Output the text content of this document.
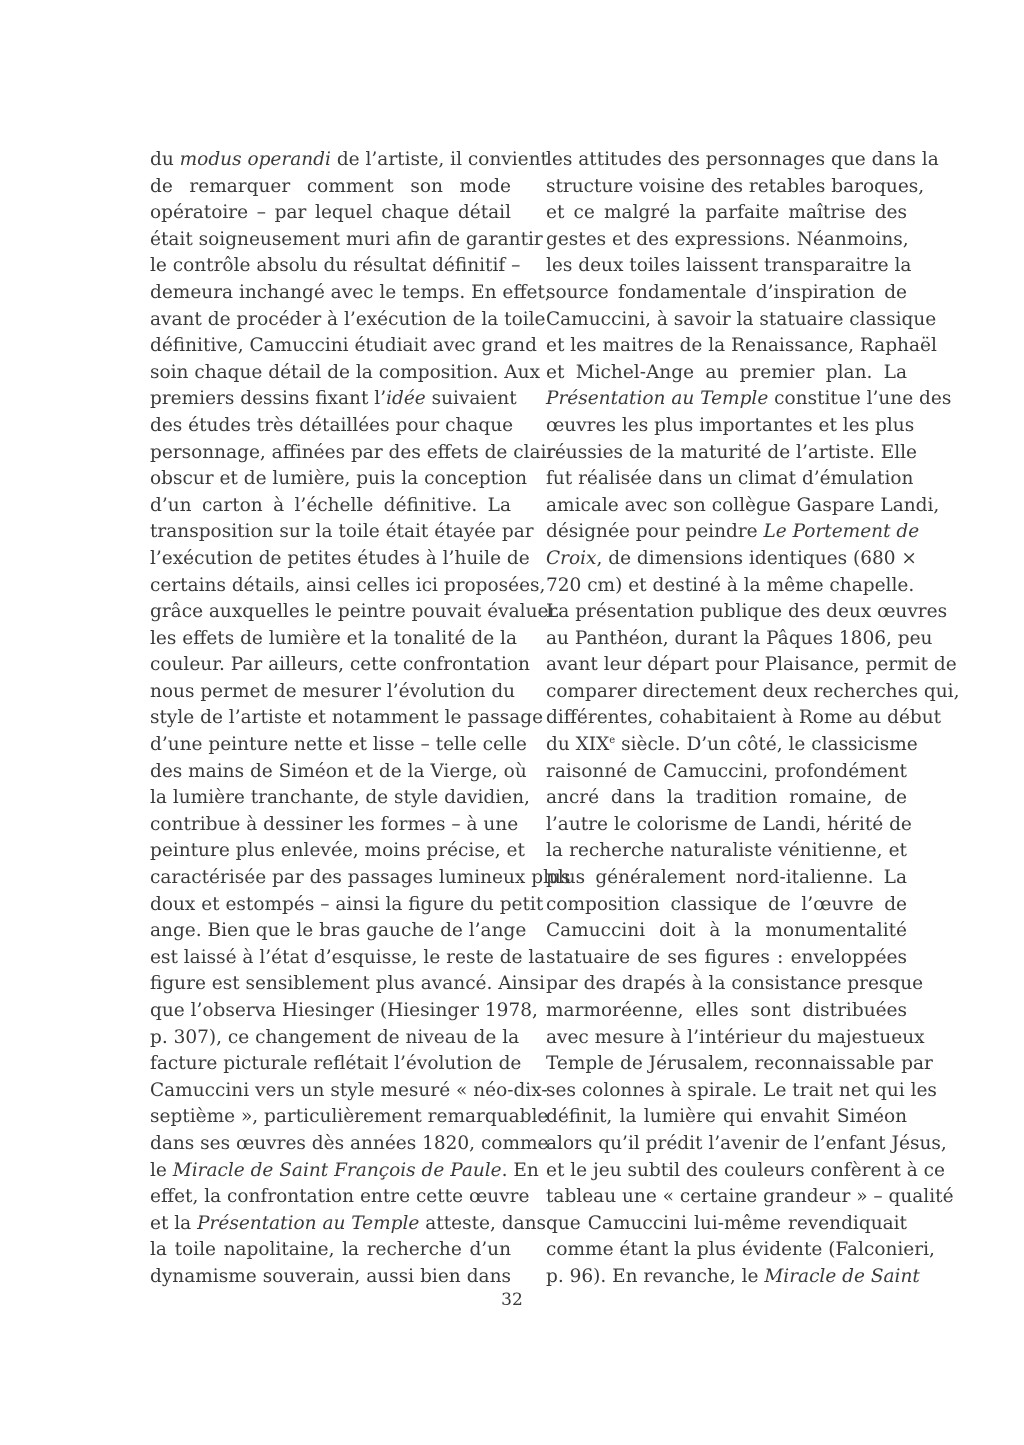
du modus operandi de l’artiste, il convient
de remarquer comment son mode
opératoire – par lequel chaque détail
était soigneusement muri afin de garantir
le contrôle absolu du résultat définitif –
demeura inchangé avec le temps. En effet,
avant de procéder à l’exécution de la toile
définitive, Camuccini étudiait avec grand
soin chaque détail de la composition. Aux
premiers dessins fixant l’idée suivaient
des études très détaillées pour chaque
personnage, affinées par des effets de clair-
obscur et de lumière, puis la conception
d’un carton à l’échelle définitive. La
transposition sur la toile était étayée par
l’exécution de petites études à l’huile de
certains détails, ainsi celles ici proposées,
grâce auxquelles le peintre pouvait évaluer
les effets de lumière et la tonalité de la
couleur. Par ailleurs, cette confrontation
nous permet de mesurer l’évolution du
style de l’artiste et notamment le passage
d’une peinture nette et lisse – telle celle
des mains de Siméon et de la Vierge, où
la lumière tranchante, de style davidien,
contribue à dessiner les formes – à une
peinture plus enlevée, moins précise, et
caractérisée par des passages lumineux plus
doux et estompés – ainsi la figure du petit
ange. Bien que le bras gauche de l’ange
est laissé à l’état d’esquisse, le reste de la
figure est sensiblement plus avancé. Ainsi
que l’observa Hiesinger (Hiesinger 1978,
p. 307), ce changement de niveau de la
facture picturale reflétait l’évolution de
Camuccini vers un style mesuré « néo-dix-
septième », particulièrement remarquable
dans ses œuvres dès années 1820, comme
le Miracle de Saint François de Paule. En
effet, la confrontation entre cette œuvre
et la Présentation au Temple atteste, dans
la toile napolitaine, la recherche d’un
dynamisme souverain, aussi bien dans
les attitudes des personnages que dans la
structure voisine des retables baroques,
et ce malgré la parfaite maîtrise des
gestes et des expressions. Néanmoins,
les deux toiles laissent transparaitre la
source fondamentale d’inspiration de
Camuccini, à savoir la statuaire classique
et les maitres de la Renaissance, Raphaël
et Michel-Ange au premier plan. La
Présentation au Temple constitue l’une des
œuvres les plus importantes et les plus
réussies de la maturité de l’artiste. Elle
fut réalisée dans un climat d’émulation
amicale avec son collègue Gaspare Landi,
désignée pour peindre Le Portement de
Croix, de dimensions identiques (680 ×
720 cm) et destiné à la même chapelle.
La présentation publique des deux œuvres
au Panthéon, durant la Pâques 1806, peu
avant leur départ pour Plaisance, permit de
comparer directement deux recherches qui,
différentes, cohabitaient à Rome au début
du XIXe siècle. D’un côté, le classicisme
raisonné de Camuccini, profondément
ancré dans la tradition romaine, de
l’autre le colorisme de Landi, hérité de
la recherche naturaliste vénitienne, et
plus généralement nord-italienne. La
composition classique de l’œuvre de
Camuccini doit à la monumentalité
statuaire de ses figures : enveloppées
par des drapés à la consistance presque
marmoréenne, elles sont distribuées
avec mesure à l’intérieur du majestueux
Temple de Jérusalem, reconnaissable par
ses colonnes à spirale. Le trait net qui les
définit, la lumière qui envahit Siméon
alors qu’il prédit l’avenir de l’enfant Jésus,
et le jeu subtil des couleurs confèrent à ce
tableau une « certaine grandeur » – qualité
que Camuccini lui-même revendiquait
comme étant la plus évidente (Falconieri,
p. 96). En revanche, le Miracle de Saint
32
